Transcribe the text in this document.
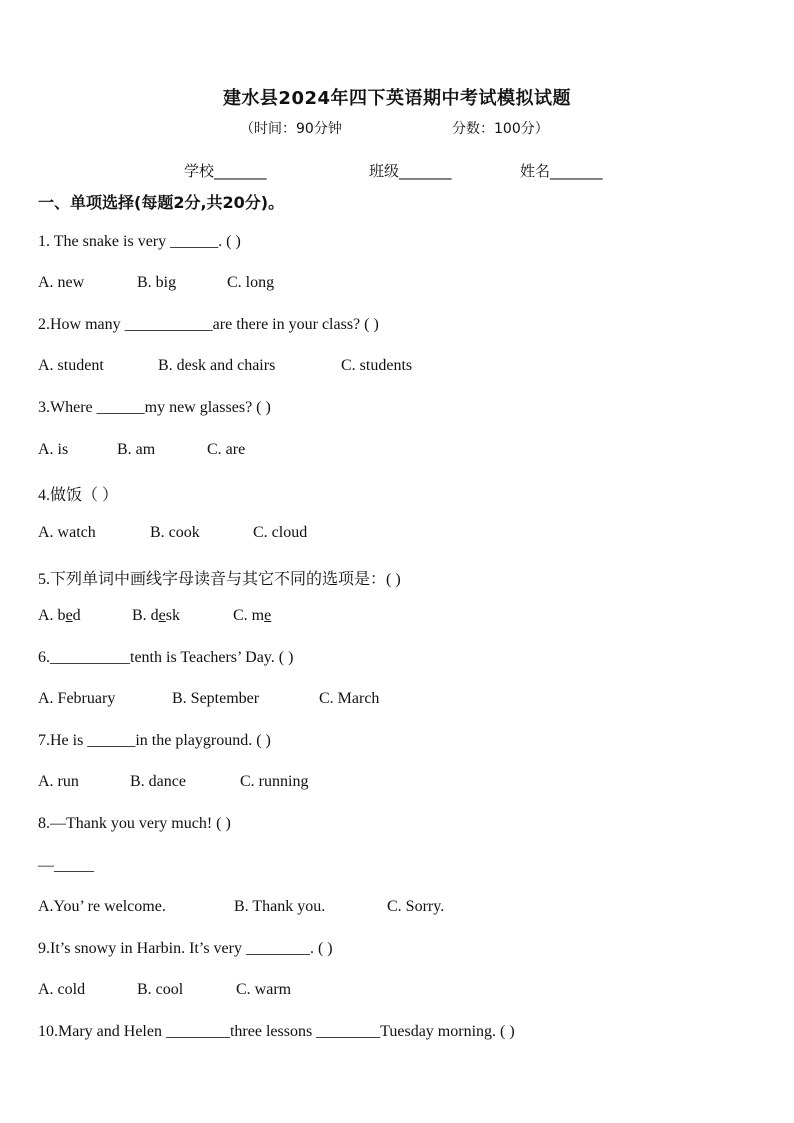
建水县2024年四下英语期中考试模拟试题
（时间：90分钟	分数：100分）
学校_______	班级_______	姓名_______
一、单项选择(每题2分,共20分)。
1. The snake is very ______. ( )
A. new	B. big	C. long
2.How many ___________are there in your class? ( )
A. student	B. desk and chairs	C. students
3.Where ______my new glasses? ( )
A. is	B. am	C. are
4.做饭（ ）
A. watch	B. cook	C. cloud
5.下列单词中画线字母读音与其它不同的选项是：( )
A. bed	B. desk	C. me
6.__________tenth is Teachers’ Day. ( )
A. February	B. September	C. March
7.He is ______in the playground. ( )
A. run	B. dance	C. running
8.—Thank you very much! ( )
—_____
A.You’ re welcome.	B. Thank you.	C. Sorry.
9.It’s snowy in Harbin. It’s very ________. ( )
A. cold	B. cool	C. warm
10.Mary and Helen ________three lessons ________Tuesday morning. ( )
